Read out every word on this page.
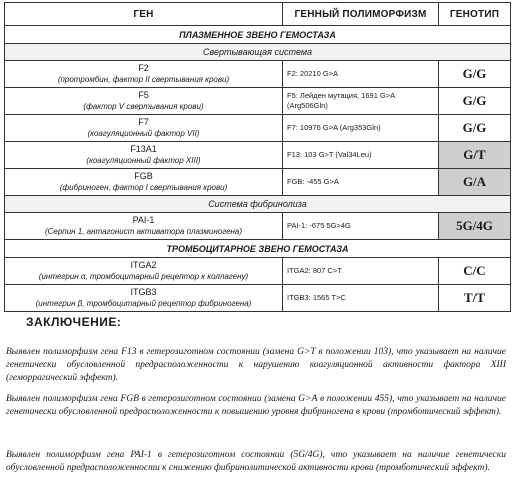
ГЕН	ГЕННЫЙ ПОЛИМОРФИЗМ	ГЕНОТИП
ПЛАЗМЕННОЕ ЗВЕНО ГЕМОСТАЗА		
Свертывающая система		

F2
(протромбин, фактор II свертывания крови)	F2: 20210 G>A	G/G

F5
(фактор V свертывания крови)	F5: Лейден мутация, 1691 G>A (Arg506Gln)	G/G

F7
(коагуляционный фактор VII)	F7: 10976 G>A (Arg353Gln)	G/G

F13A1
(коагуляционный фактор XIII)	F13: 103 G>T (Val34Leu)	G/T

FGB
(фибриноген, фактор I свертывания крови)	FGB: -455 G>A	G/A
Система фибринолиза		

PAI-1
(Серпин 1, антагонист активатора плазминогена)	PAI-1: -675 5G>4G	5G/4G
ТРОМБОЦИТАРНОЕ ЗВЕНО ГЕМОСТАЗА		

ITGA2
(интегрин α, тромбоцитарный рецептор к коллагену)	ITGA2: 807 C>T	C/C

ITGB3
(интегрин β, тромбоцитарный рецептор фибриногена)	ITGB3: 1565 T>C	T/T
ЗАКЛЮЧЕНИЕ:
Выявлен полиморфизм гена F13 в гетерозиготном состоянии (замена G>T в положении 103), что указывает на наличие генетически обусловленной предрасположенности к нарушению коагуляционной активности фактора XIII (геморрагический эффект).
Выявлен полиморфизм гена FGB в гетерозиготном состоянии (замена G>A в положении 455), что указывает на наличие генетически обусловленной предрасположенности к повышению уровня фибриногена в крови (тромботический эффект).
Выявлен полиморфизм гена PAI-1 в гетерозиготном состоянии (5G/4G), что указывает на наличие генетически обусловленной предрасположенности к снижению фибринолитической активности крови (тромботический эффект).
